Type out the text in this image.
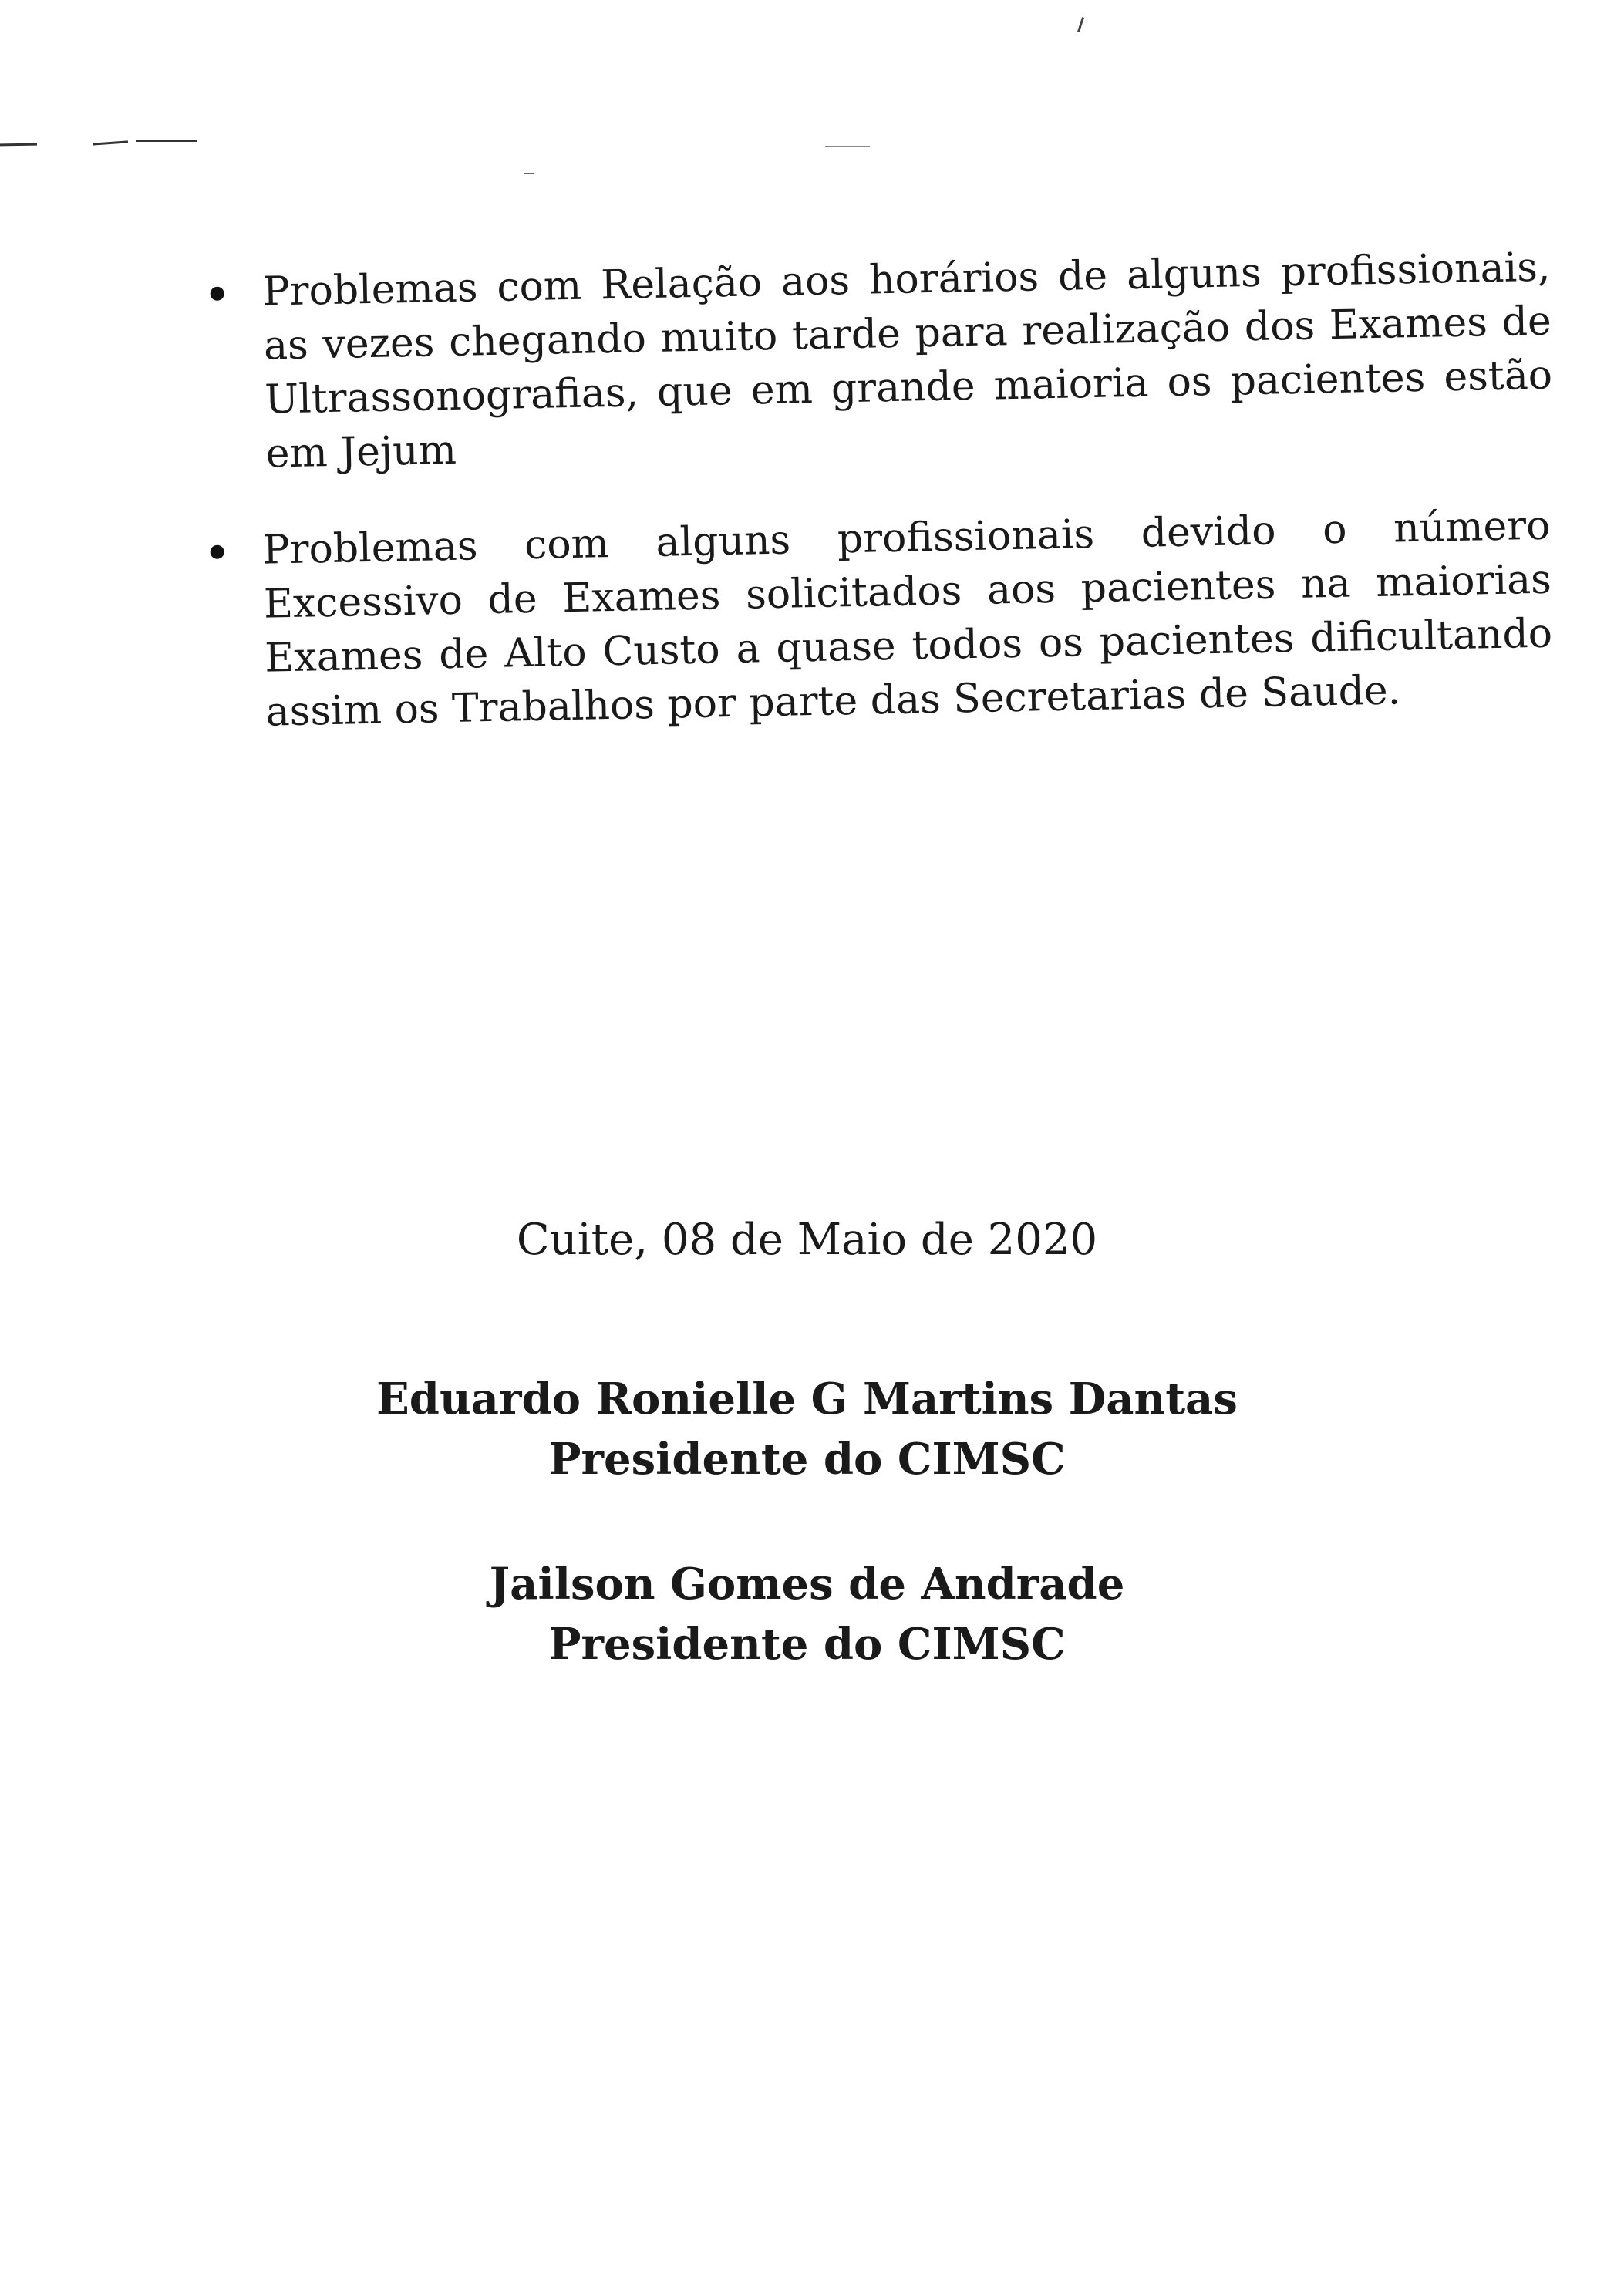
Problemas com Relação aos horários de alguns profissionais, as vezes chegando muito tarde para realização dos Exames de Ultrassonografias, que em grande maioria os pacientes estão em Jejum
Problemas com alguns profissionais devido o número Excessivo de Exames solicitados aos pacientes na maiorias Exames de Alto Custo a quase todos os pacientes dificultando assim os Trabalhos por parte das Secretarias de Saude.
Cuite, 08 de Maio de 2020
Eduardo Ronielle G Martins Dantas
Presidente do CIMSC
Jailson Gomes de Andrade
Presidente do CIMSC
